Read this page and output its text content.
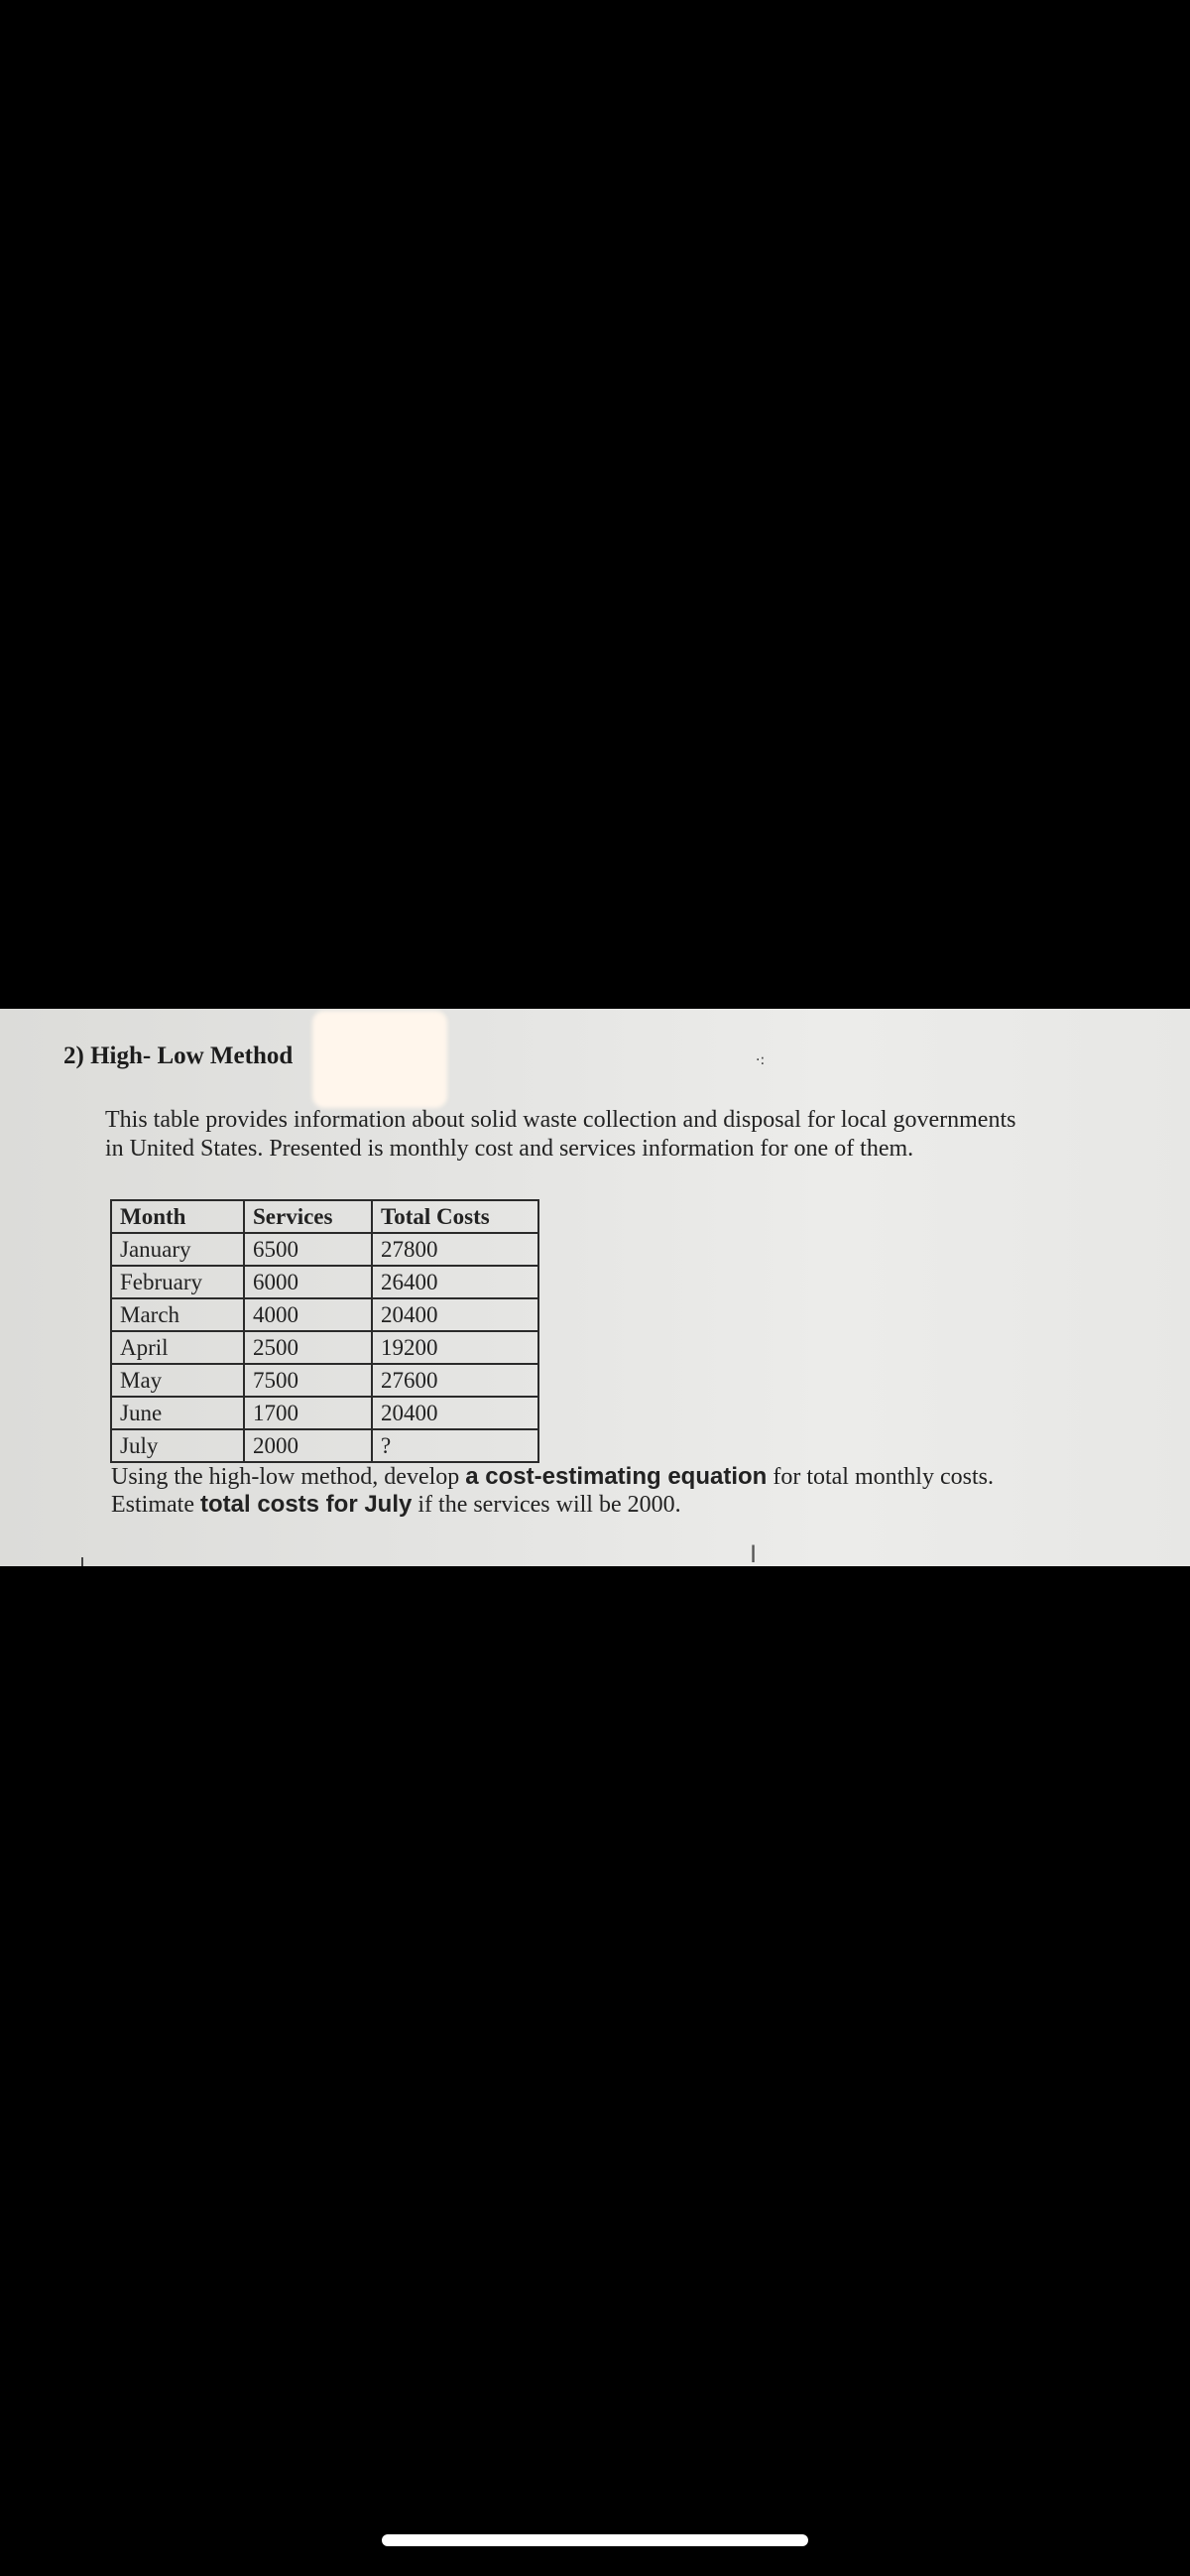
2) High- Low Method	·:

This table provides information about solid waste collection and disposal for local governments

in United States. Presented is monthly cost and services information for one of them.

Month	Services	Total Costs
January	6500	27800
February	6000	26400
March	4000	20400
April	2500	19200
May	7500	27600
June	1700	20400
July	2000	?

Using the high-low method, develop a cost-estimating equation for total monthly costs.

Estimate total costs for July if the services will be 2000.

I
